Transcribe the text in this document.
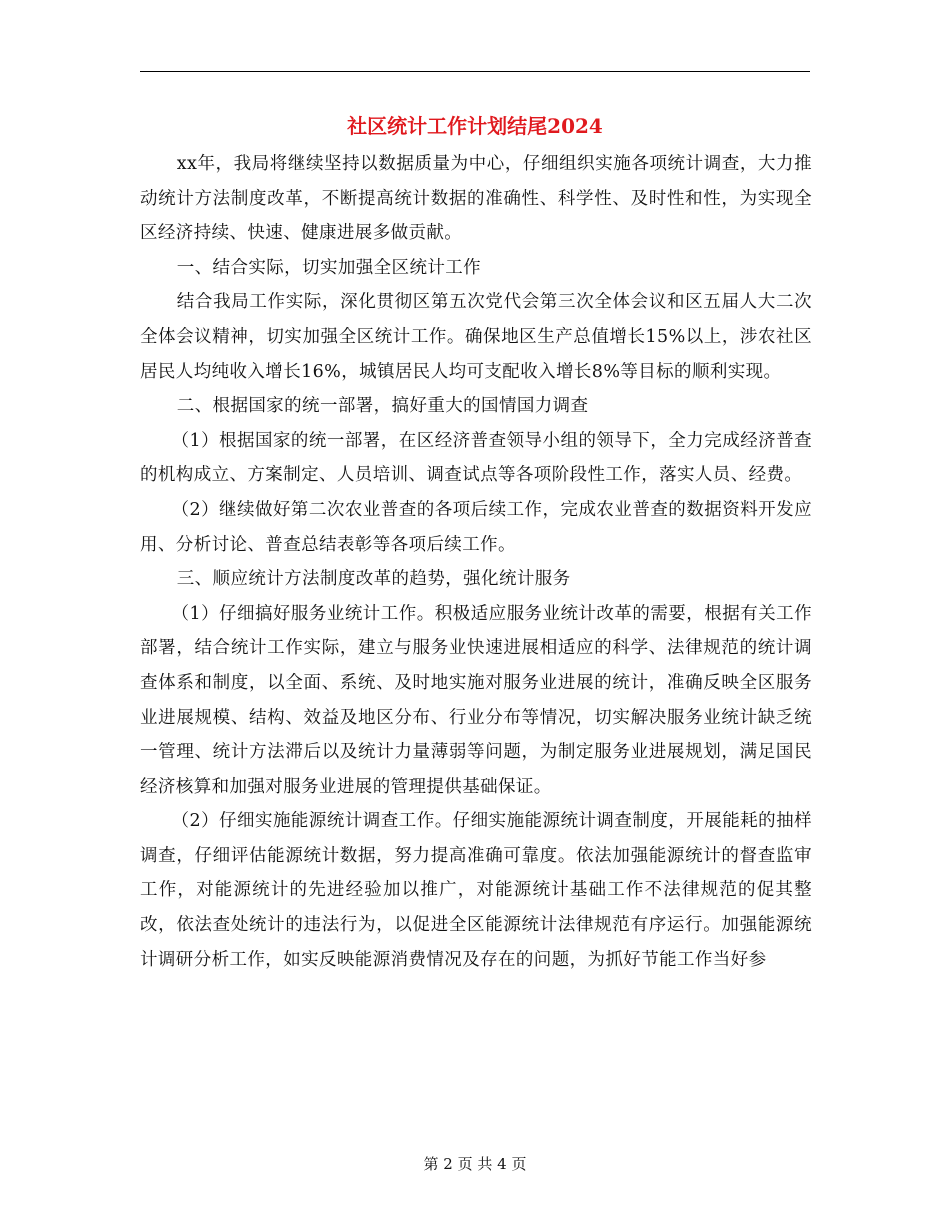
社区统计工作计划结尾2024

xx年，我局将继续坚持以数据质量为中心，仔细组织实施各项统计调查，大力推动统计方法制度改革，不断提高统计数据的准确性、科学性、及时性和性，为实现全区经济持续、快速、健康进展多做贡献。

一、结合实际，切实加强全区统计工作

结合我局工作实际，深化贯彻区第五次党代会第三次全体会议和区五届人大二次全体会议精神，切实加强全区统计工作。确保地区生产总值增长15%以上，涉农社区居民人均纯收入增长16%，城镇居民人均可支配收入增长8%等目标的顺利实现。

二、根据国家的统一部署，搞好重大的国情国力调查

（1）根据国家的统一部署，在区经济普查领导小组的领导下，全力完成经济普查的机构成立、方案制定、人员培训、调查试点等各项阶段性工作，落实人员、经费。

（2）继续做好第二次农业普查的各项后续工作，完成农业普查的数据资料开发应用、分析讨论、普查总结表彰等各项后续工作。

三、顺应统计方法制度改革的趋势，强化统计服务

（1）仔细搞好服务业统计工作。积极适应服务业统计改革的需要，根据有关工作部署，结合统计工作实际，建立与服务业快速进展相适应的科学、法律规范的统计调查体系和制度，以全面、系统、及时地实施对服务业进展的统计，准确反映全区服务业进展规模、结构、效益及地区分布、行业分布等情况，切实解决服务业统计缺乏统一管理、统计方法滞后以及统计力量薄弱等问题，为制定服务业进展规划，满足国民经济核算和加强对服务业进展的管理提供基础保证。

（2）仔细实施能源统计调查工作。仔细实施能源统计调查制度，开展能耗的抽样调查，仔细评估能源统计数据，努力提高准确可靠度。依法加强能源统计的督查监审工作，对能源统计的先进经验加以推广，对能源统计基础工作不法律规范的促其整改，依法查处统计的违法行为，以促进全区能源统计法律规范有序运行。加强能源统计调研分析工作，如实反映能源消费情况及存在的问题，为抓好节能工作当好参

第 2 页 共 4 页
